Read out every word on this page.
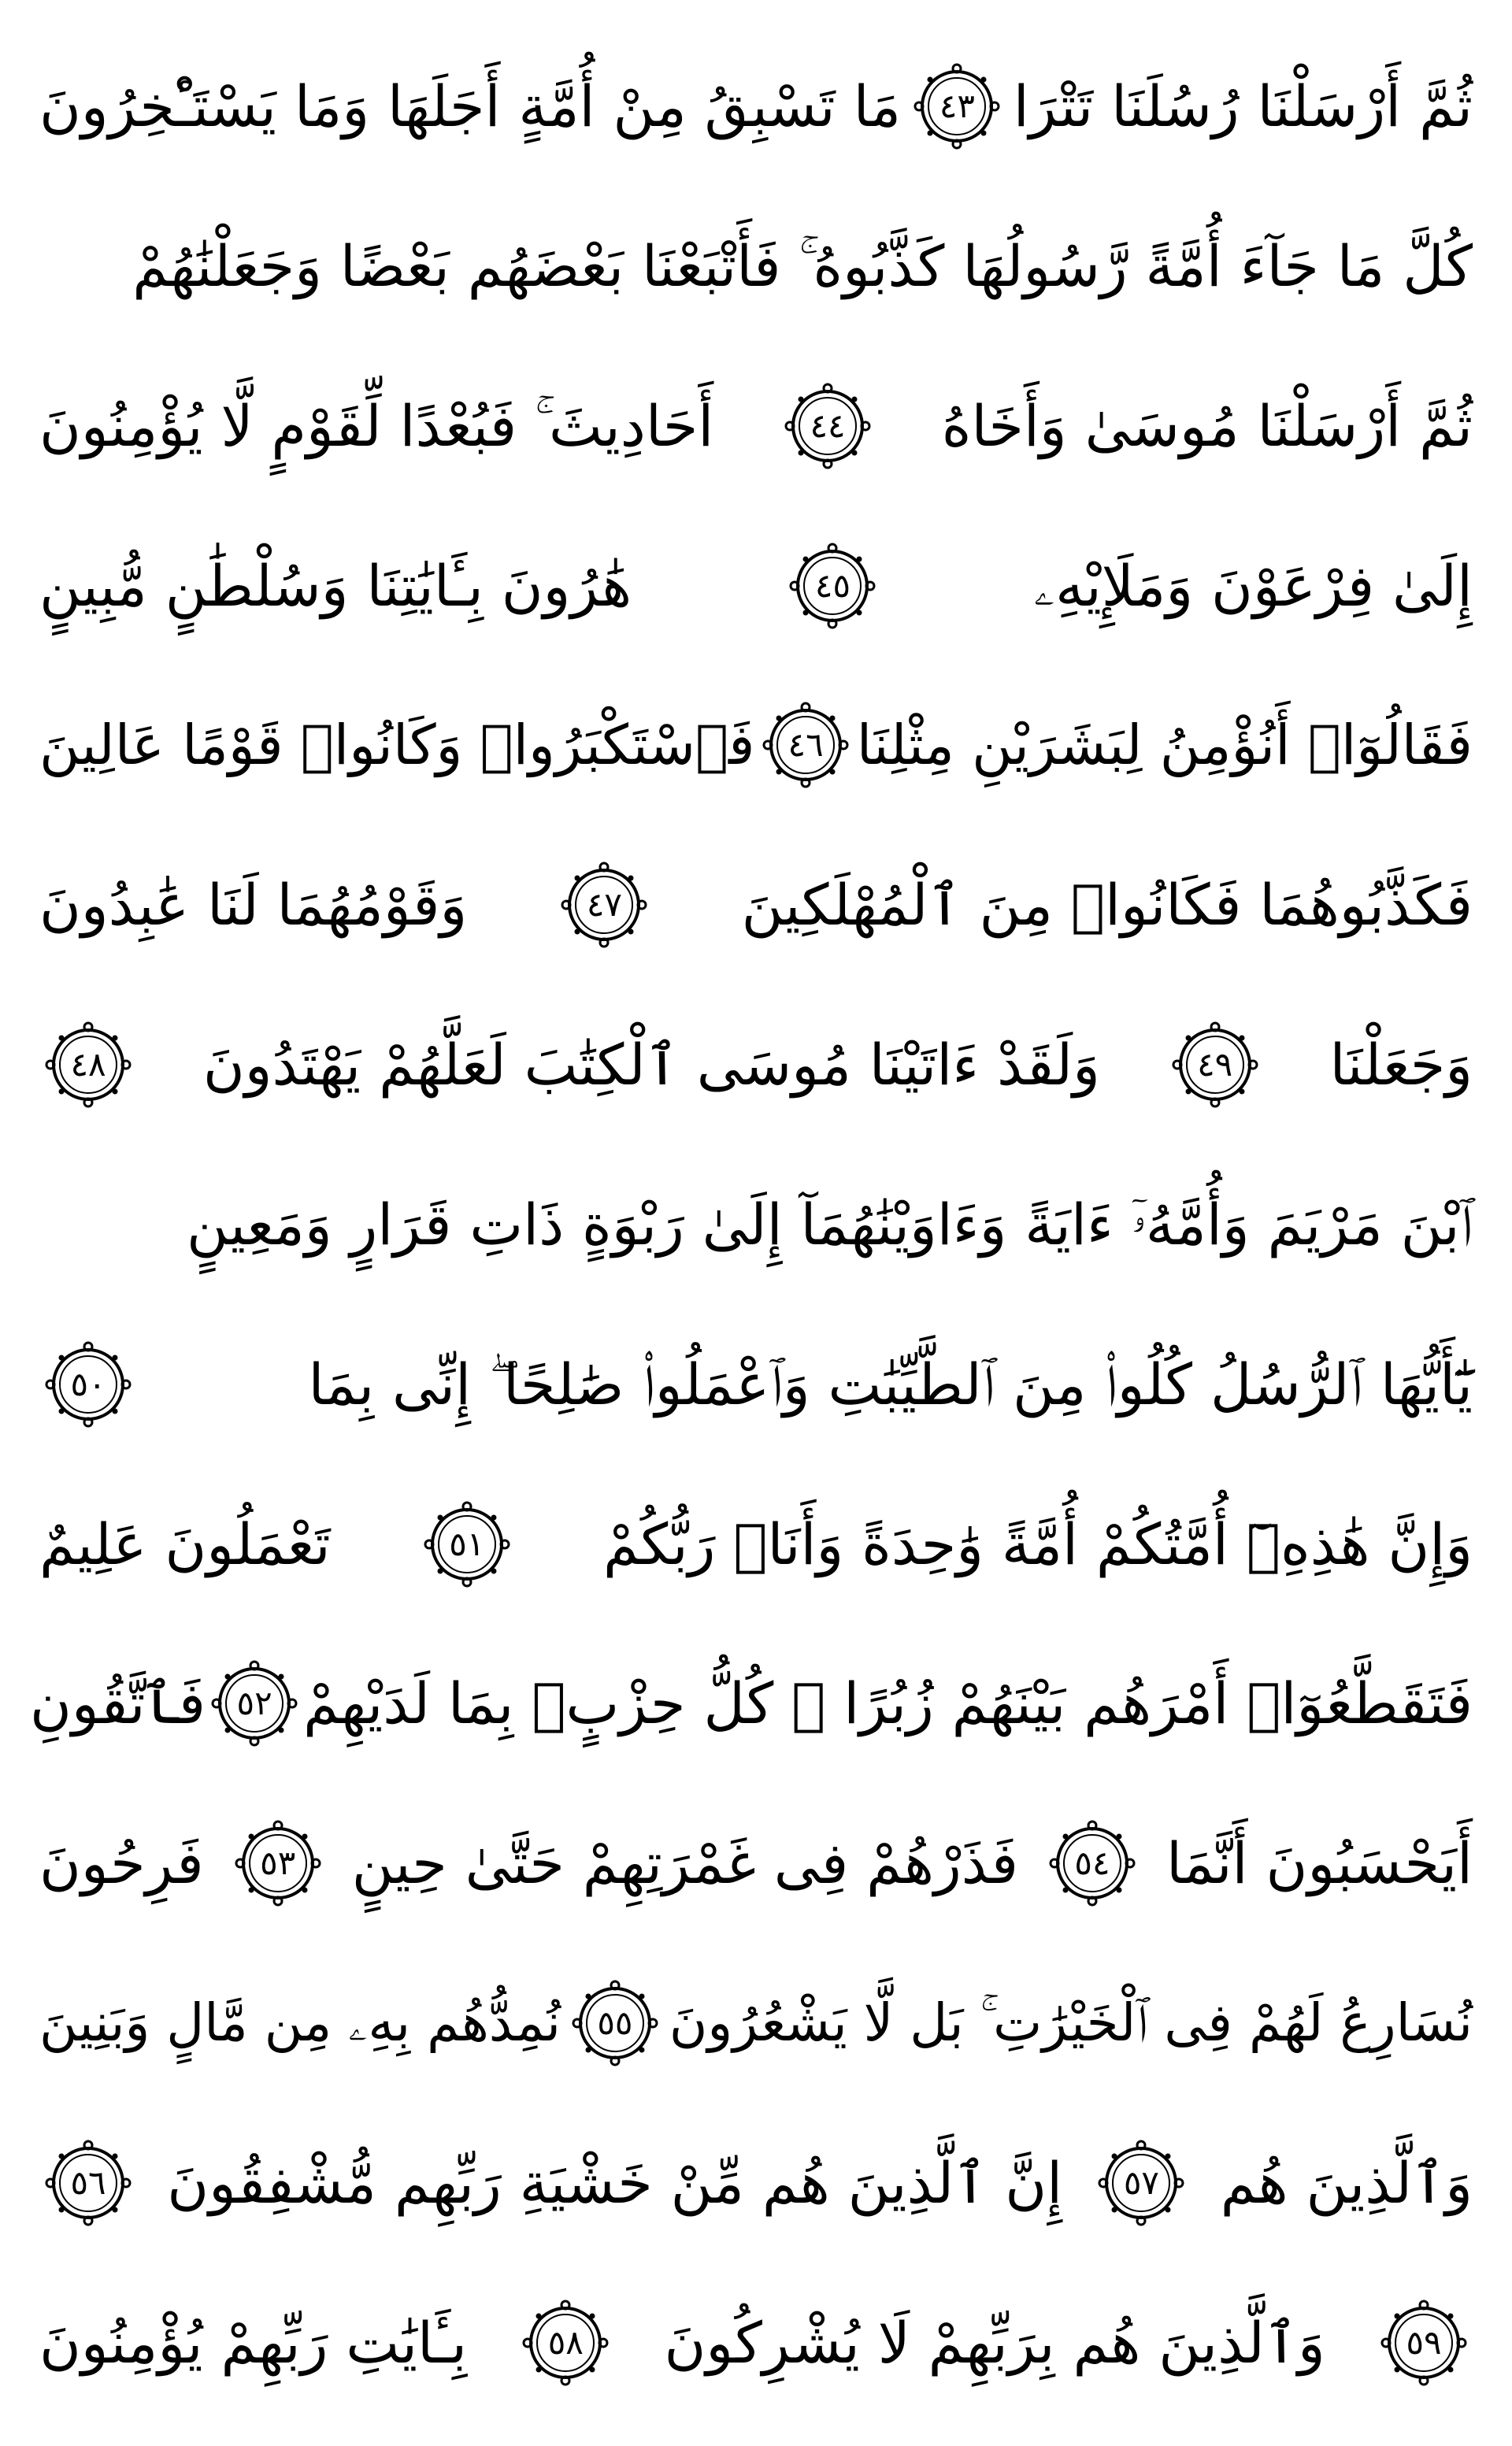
ثُمَّ أَرْسَلْنَا رُسُلَنَا تَتْرَا
٤٣
مَا تَسْبِقُ مِنْ أُمَّةٍ أَجَلَهَا وَمَا يَسْتَـْٔخِرُونَ
كُلَّ مَا جَآءَ أُمَّةً رَّسُولُهَا كَذَّبُوهُ ۚ فَأَتْبَعْنَا بَعْضَهُم بَعْضًا وَجَعَلْنَٰهُمْ
ثُمَّ أَرْسَلْنَا مُوسَىٰ وَأَخَاهُ
٤٤
أَحَادِيثَ ۚ فَبُعْدًا لِّقَوْمٍ لَّا يُؤْمِنُونَ
إِلَىٰ فِرْعَوْنَ وَمَلَإِيْهِۦ
٤٥
هَٰرُونَ بِـَٔايَٰتِنَا وَسُلْطَٰنٍ مُّبِينٍ
فَقَالُوٓا۟ أَنُؤْمِنُ لِبَشَرَيْنِ مِثْلِنَا
٤٦
فَٱسْتَكْبَرُوا۟ وَكَانُوا۟ قَوْمًا عَالِينَ
فَكَذَّبُوهُمَا فَكَانُوا۟ مِنَ ٱلْمُهْلَكِينَ
٤٧
وَقَوْمُهُمَا لَنَا عَٰبِدُونَ
وَجَعَلْنَا
٤٩
وَلَقَدْ ءَاتَيْنَا مُوسَى ٱلْكِتَٰبَ لَعَلَّهُمْ يَهْتَدُونَ
٤٨
ٱبْنَ مَرْيَمَ وَأُمَّهُۥٓ ءَايَةً وَءَاوَيْنَٰهُمَآ إِلَىٰ رَبْوَةٍ ذَاتِ قَرَارٍ وَمَعِينٍ
يَٰٓأَيُّهَا ٱلرُّسُلُ كُلُوا۟ مِنَ ٱلطَّيِّبَٰتِ وَٱعْمَلُوا۟ صَٰلِحًا ۖ إِنِّى بِمَا
٥٠
وَإِنَّ هَٰذِهِۦٓ أُمَّتُكُمْ أُمَّةً وَٰحِدَةً وَأَنَا۠ رَبُّكُمْ
٥١
تَعْمَلُونَ عَلِيمٌ
فَتَقَطَّعُوٓا۟ أَمْرَهُم بَيْنَهُمْ زُبُرًا ۖ كُلُّ حِزْبٍۭ بِمَا لَدَيْهِمْ
٥٢
فَٱتَّقُونِ
أَيَحْسَبُونَ أَنَّمَا
٥٤
فَذَرْهُمْ فِى غَمْرَتِهِمْ حَتَّىٰ حِينٍ
٥٣
فَرِحُونَ
نُسَارِعُ لَهُمْ فِى ٱلْخَيْرَٰتِ ۚ بَل لَّا يَشْعُرُونَ
٥٥
نُمِدُّهُم بِهِۦ مِن مَّالٍ وَبَنِينَ
وَٱلَّذِينَ هُم
٥٧
إِنَّ ٱلَّذِينَ هُم مِّنْ خَشْيَةِ رَبِّهِم مُّشْفِقُونَ
٥٦
٥٩
وَٱلَّذِينَ هُم بِرَبِّهِمْ لَا يُشْرِكُونَ
٥٨
بِـَٔايَٰتِ رَبِّهِمْ يُؤْمِنُونَ
